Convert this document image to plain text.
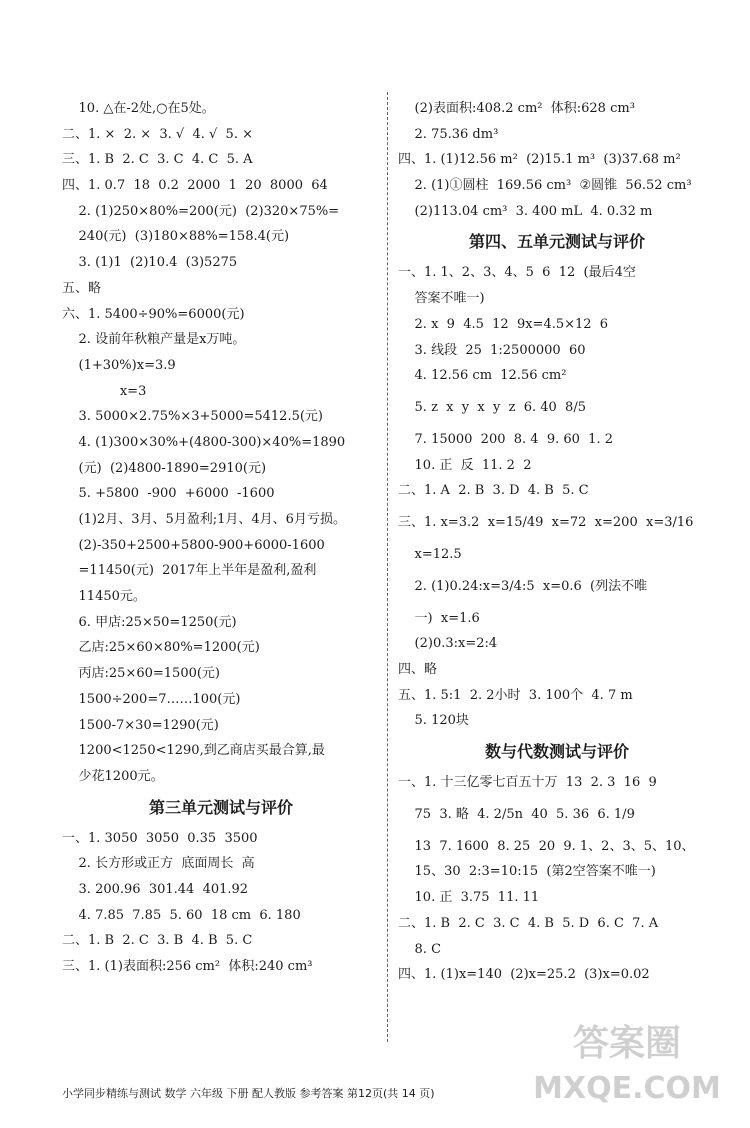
10. △在-2处,○在5处。
二、1. ×  2. ×  3. √  4. √  5. ×
三、1. B  2. C  3. C  4. C  5. A
四、1. 0.7  18  0.2  2000  1  20  8000  64
2. (1)250×80%=200(元)  (2)320×75%=
240(元)  (3)180×88%=158.4(元)
3. (1)1  (2)10.4  (3)5275
五、略
六、1. 5400÷90%=6000(元)
2. 设前年秋粮产量是x万吨。
(1+30%)x=3.9
x=3
3. 5000×2.75%×3+5000=5412.5(元)
4. (1)300×30%+(4800-300)×40%=1890
(元)  (2)4800-1890=2910(元)
5. +5800  -900  +6000  -1600
(1)2月、3月、5月盈利;1月、4月、6月亏损。
(2)-350+2500+5800-900+6000-1600
=11450(元)  2017年上半年是盈利,盈利
11450元。
6. 甲店:25×50=1250(元)
乙店:25×60×80%=1200(元)
丙店:25×60=1500(元)
1500÷200=7……100(元)
1500-7×30=1290(元)
1200<1250<1290,到乙商店买最合算,最
少花1200元。
第三单元测试与评价
一、1. 3050  3050  0.35  3500
2. 长方形或正方  底面周长  高
3. 200.96  301.44  401.92
4. 7.85  7.85  5. 60  18 cm  6. 180
二、1. B  2. C  3. B  4. B  5. C
三、1. (1)表面积:256 cm²  体积:240 cm³
(2)表面积:408.2 cm²  体积:628 cm³
2. 75.36 dm³
四、1. (1)12.56 m²  (2)15.1 m³  (3)37.68 m²
2. (1)①圆柱  169.56 cm³  ②圆锥  56.52 cm³
(2)113.04 cm³  3. 400 mL  4. 0.32 m
第四、五单元测试与评价
一、1. 1、2、3、4、5  6  12  (最后4空
答案不唯一)
2. x  9  4.5  12  9x=4.5×12  6
3. 线段  25  1:2500000  60
4. 12.56 cm  12.56 cm²
5. z  x  y  x  y  z  6. 40  8/5
7. 15000  200  8. 4  9. 60  1. 2
10. 正  反  11. 2  2
二、1. A  2. B  3. D  4. B  5. C
三、1. x=3.2  x=15/49  x=72  x=200  x=3/16
x=12.5
2. (1)0.24:x=3/4:5  x=0.6  (列法不唯
一)  x=1.6
(2)0.3:x=2:4
四、略
五、1. 5:1  2. 2小时  3. 100个  4. 7 m
5. 120块
数与代数测试与评价
一、1. 十三亿零七百五十万  13  2. 3  16  9
75  3. 略  4. 2/5n  40  5. 36  6. 1/9
13  7. 1600  8. 25  20  9. 1、2、3、5、10、
15、30  2:3=10:15  (第2空答案不唯一)
10. 正  3.75  11. 11
二、1. B  2. C  3. C  4. B  5. D  6. C  7. A
8. C
四、1. (1)x=140  (2)x=25.2  (3)x=0.02
小学同步精练与测试 数学 六年级 下册 配人教版 参考答案 第12页(共 14 页)
答案圈
MXQE.COM
